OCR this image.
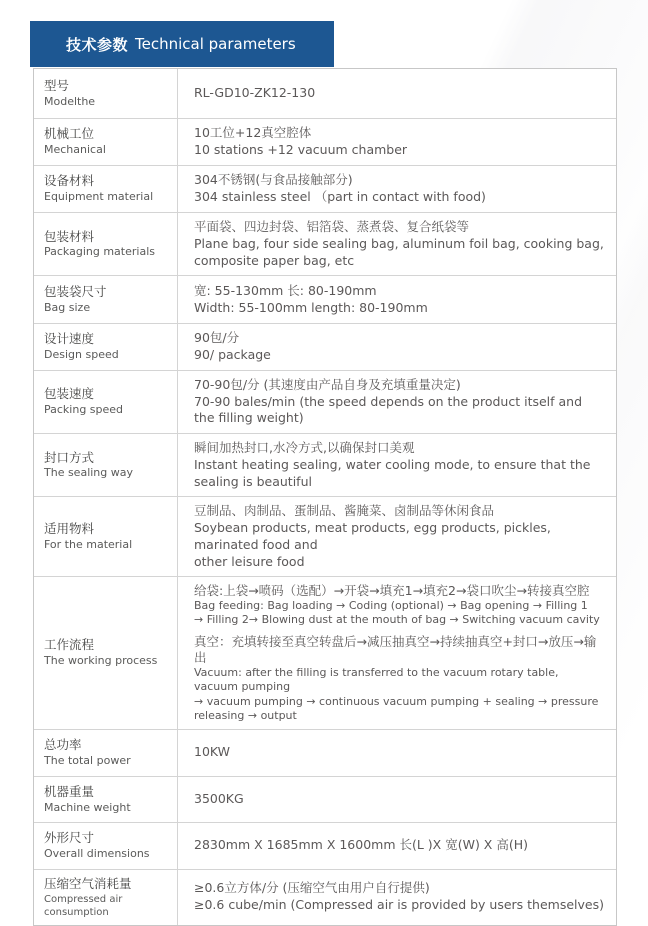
技术参数 Technical parameters
型号
Modelthe
RL-GD10-ZK12-130
机械工位
Mechanical
10工位+12真空腔体
10 stations +12 vacuum chamber
设备材料
Equipment material
304不锈钢(与食品接触部分)
304 stainless steel （part in contact with food)
包装材料
Packaging materials
平面袋、四边封袋、铝箔袋、蒸煮袋、复合纸袋等
Plane bag, four side sealing bag, aluminum foil bag, cooking bag,
composite paper bag, etc
包装袋尺寸
Bag size
宽: 55-130mm 长: 80-190mm
Width: 55-100mm length: 80-190mm
设计速度
Design speed
90包/分
90/ package
包装速度
Packing speed
70-90包/分 (其速度由产品自身及充填重量决定)
70-90 bales/min (the speed depends on the product itself and the filling weight)
封口方式
The sealing way
瞬间加热封口,水冷方式,以确保封口美观
Instant heating sealing, water cooling mode, to ensure that the sealing is beautiful
适用物料
For the material
豆制品、肉制品、蛋制品、酱腌菜、卤制品等休闲食品
Soybean products, meat products, egg products, pickles, marinated food and
other leisure food
工作流程
The working process
给袋:上袋→喷码（选配）→开袋→填充1→填充2→袋口吹尘→转接真空腔
Bag feeding: Bag loading → Coding (optional) → Bag opening → Filling 1
→ Filling 2→ Blowing dust at the mouth of bag → Switching vacuum cavity
真空：充填转接至真空转盘后→减压抽真空→持续抽真空+封口→放压→输出
Vacuum: after the filling is transferred to the vacuum rotary table, vacuum pumping
→ vacuum pumping → continuous vacuum pumping + sealing → pressure releasing → output
总功率
The total power
10KW
机器重量
Machine weight
3500KG
外形尺寸
Overall dimensions
2830mm X 1685mm X 1600mm 长(L )X 宽(W) X 高(H)
压缩空气消耗量
Compressed air consumption
≥0.6立方体/分 (压缩空气由用户自行提供)
≥0.6 cube/min (Compressed air is provided by users themselves)
